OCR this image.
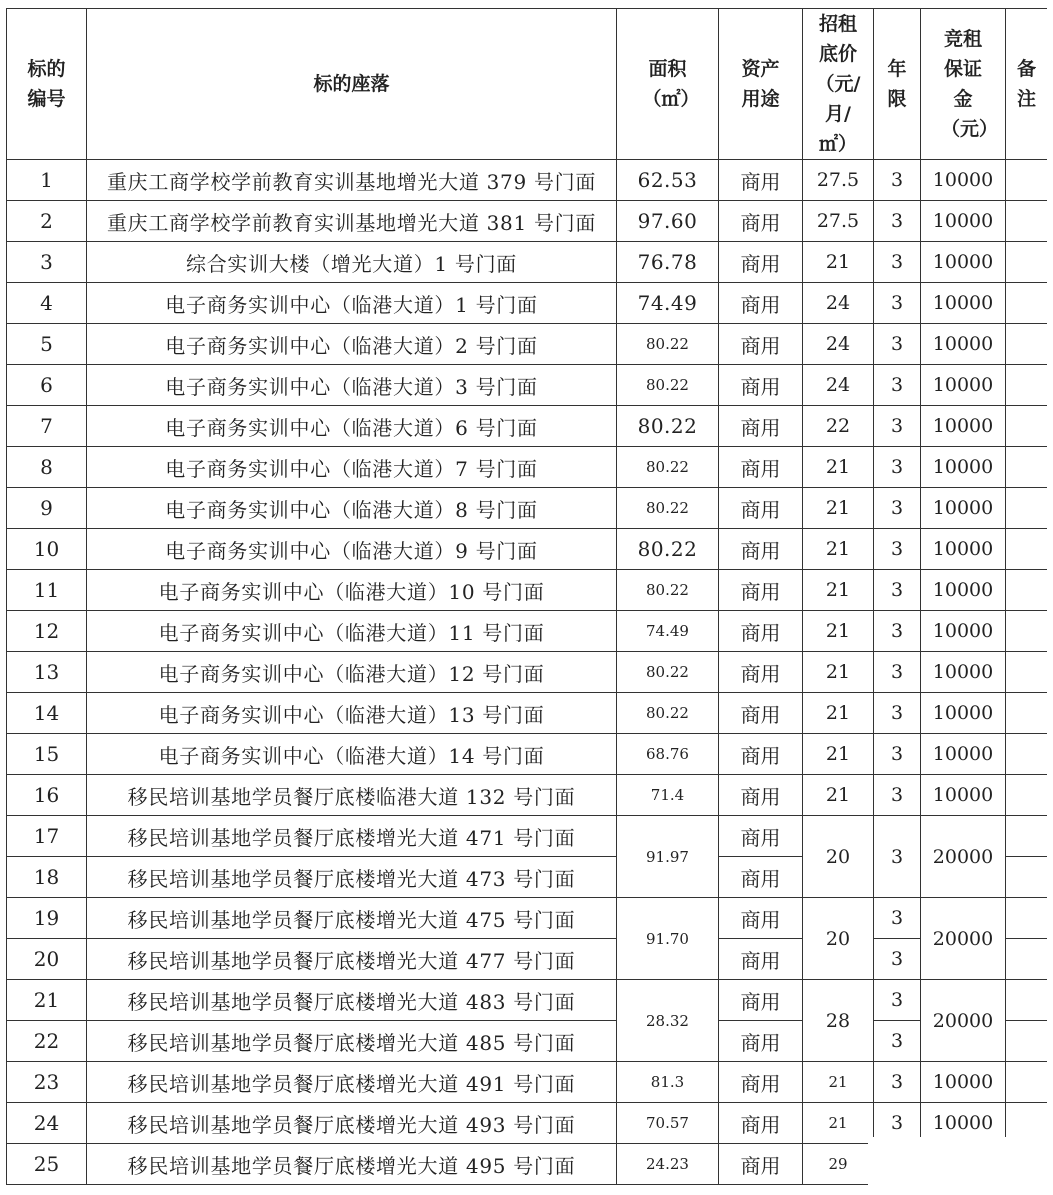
标的编号	标的座落	面积（㎡）	资产用途	招租底价（元/月/㎡）	年限	竞租保证金（元）	备注
1	重庆工商学校学前教育实训基地增光大道 379 号门面	62.53	商用	27.5	3	10000	
2	重庆工商学校学前教育实训基地增光大道 381 号门面	97.60	商用	27.5	3	10000	
3	综合实训大楼（增光大道）1 号门面	76.78	商用	21	3	10000	
4	电子商务实训中心（临港大道）1 号门面	74.49	商用	24	3	10000	
5	电子商务实训中心（临港大道）2 号门面	80.22	商用	24	3	10000	
6	电子商务实训中心（临港大道）3 号门面	80.22	商用	24	3	10000	
7	电子商务实训中心（临港大道）6 号门面	80.22	商用	22	3	10000	
8	电子商务实训中心（临港大道）7 号门面	80.22	商用	21	3	10000	
9	电子商务实训中心（临港大道）8 号门面	80.22	商用	21	3	10000	
10	电子商务实训中心（临港大道）9 号门面	80.22	商用	21	3	10000	
11	电子商务实训中心（临港大道）10 号门面	80.22	商用	21	3	10000	
12	电子商务实训中心（临港大道）11 号门面	74.49	商用	21	3	10000	
13	电子商务实训中心（临港大道）12 号门面	80.22	商用	21	3	10000	
14	电子商务实训中心（临港大道）13 号门面	80.22	商用	21	3	10000	
15	电子商务实训中心（临港大道）14 号门面	68.76	商用	21	3	10000	
16	移民培训基地学员餐厅底楼临港大道 132 号门面	71.4	商用	21	3	10000	
17	移民培训基地学员餐厅底楼增光大道 471 号门面	91.97	商用	20	3	20000	
18	移民培训基地学员餐厅底楼增光大道 473 号门面		商用				
19	移民培训基地学员餐厅底楼增光大道 475 号门面	91.70	商用	20	3	20000	
20	移民培训基地学员餐厅底楼增光大道 477 号门面		商用		3		
21	移民培训基地学员餐厅底楼增光大道 483 号门面	28.32	商用	28	3	20000	
22	移民培训基地学员餐厅底楼增光大道 485 号门面		商用		3		
23	移民培训基地学员餐厅底楼增光大道 491 号门面	81.3	商用	21	3	10000	
24	移民培训基地学员餐厅底楼增光大道 493 号门面	70.57	商用	21	3	10000	
25	移民培训基地学员餐厅底楼增光大道 495 号门面	24.23	商用	29			
